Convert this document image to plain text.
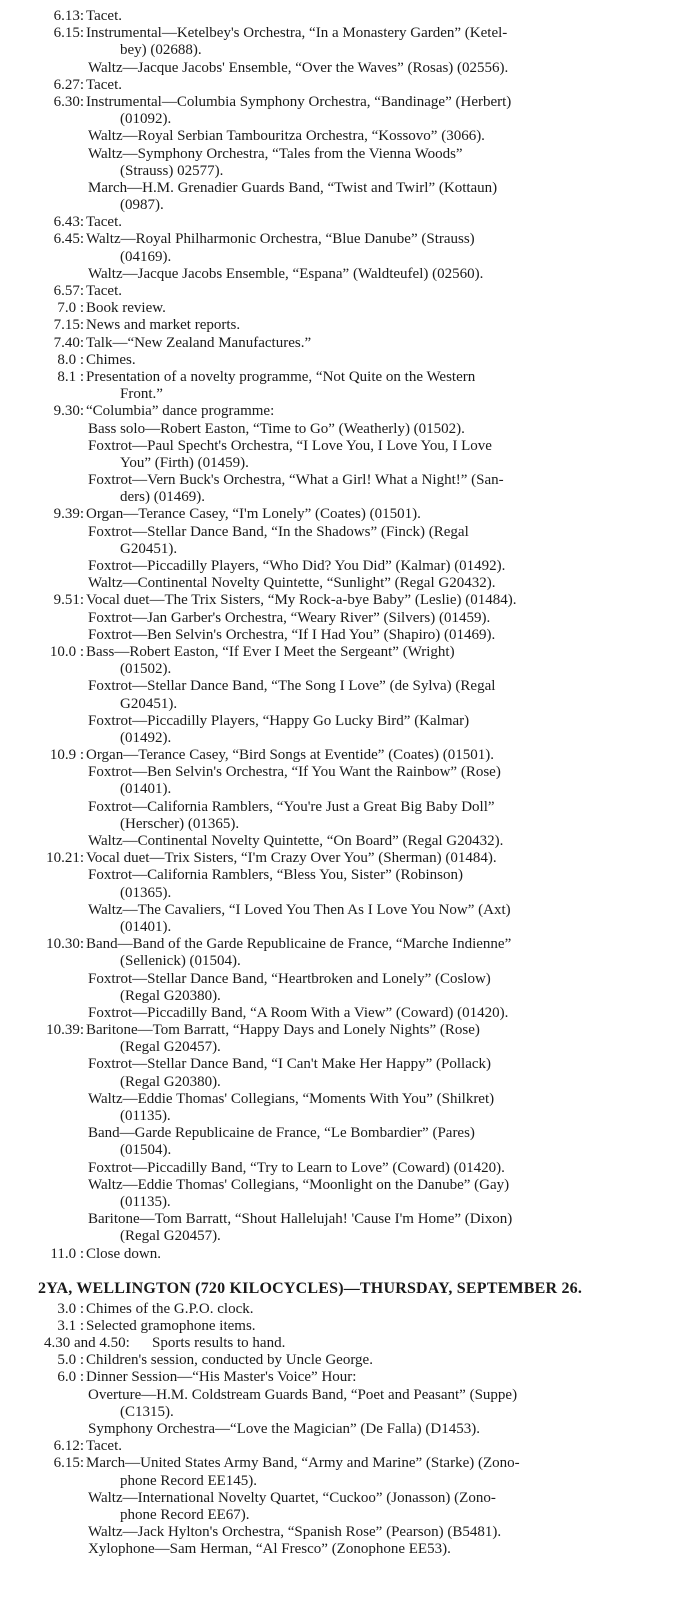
6.13: Tacet.
6.15: Instrumental—Ketelbey's Orchestra, “In a Monastery Garden” (Ketel-
bey) (02688).
Waltz—Jacque Jacobs' Ensemble, “Over the Waves” (Rosas) (02556).
6.27: Tacet.
6.30: Instrumental—Columbia Symphony Orchestra, “Bandinage” (Herbert)
(01092).
Waltz—Royal Serbian Tambouritza Orchestra, “Kossovo” (3066).
Waltz—Symphony Orchestra, “Tales from the Vienna Woods”
(Strauss) 02577).
March—H.M. Grenadier Guards Band, “Twist and Twirl” (Kottaun)
(0987).
6.43: Tacet.
6.45: Waltz—Royal Philharmonic Orchestra, “Blue Danube” (Strauss)
(04169).
Waltz—Jacque Jacobs Ensemble, “Espana” (Waldteufel) (02560).
6.57: Tacet.
7.0 : Book review.
7.15: News and market reports.
7.40: Talk—“New Zealand Manufactures.”
8.0 : Chimes.
8.1 : Presentation of a novelty programme, “Not Quite on the Western
Front.”
9.30: “Columbia” dance programme:
Bass solo—Robert Easton, “Time to Go” (Weatherly) (01502).
Foxtrot—Paul Specht's Orchestra, “I Love You, I Love You, I Love
You” (Firth) (01459).
Foxtrot—Vern Buck's Orchestra, “What a Girl! What a Night!” (San-
ders) (01469).
9.39: Organ—Terance Casey, “I'm Lonely” (Coates) (01501).
Foxtrot—Stellar Dance Band, “In the Shadows” (Finck) (Regal
G20451).
Foxtrot—Piccadilly Players, “Who Did? You Did” (Kalmar) (01492).
Waltz—Continental Novelty Quintette, “Sunlight” (Regal G20432).
9.51: Vocal duet—The Trix Sisters, “My Rock-a-bye Baby” (Leslie) (01484).
Foxtrot—Jan Garber's Orchestra, “Weary River” (Silvers) (01459).
Foxtrot—Ben Selvin's Orchestra, “If I Had You” (Shapiro) (01469).
10.0 : Bass—Robert Easton, “If Ever I Meet the Sergeant” (Wright)
(01502).
Foxtrot—Stellar Dance Band, “The Song I Love” (de Sylva) (Regal
G20451).
Foxtrot—Piccadilly Players, “Happy Go Lucky Bird” (Kalmar)
(01492).
10.9 : Organ—Terance Casey, “Bird Songs at Eventide” (Coates) (01501).
Foxtrot—Ben Selvin's Orchestra, “If You Want the Rainbow” (Rose)
(01401).
Foxtrot—California Ramblers, “You're Just a Great Big Baby Doll”
(Herscher) (01365).
Waltz—Continental Novelty Quintette, “On Board” (Regal G20432).
10.21: Vocal duet—Trix Sisters, “I'm Crazy Over You” (Sherman) (01484).
Foxtrot—California Ramblers, “Bless You, Sister” (Robinson)
(01365).
Waltz—The Cavaliers, “I Loved You Then As I Love You Now” (Axt)
(01401).
10.30: Band—Band of the Garde Republicaine de France, “Marche Indienne”
(Sellenick) (01504).
Foxtrot—Stellar Dance Band, “Heartbroken and Lonely” (Coslow)
(Regal G20380).
Foxtrot—Piccadilly Band, “A Room With a View” (Coward) (01420).
10.39: Baritone—Tom Barratt, “Happy Days and Lonely Nights” (Rose)
(Regal G20457).
Foxtrot—Stellar Dance Band, “I Can't Make Her Happy” (Pollack)
(Regal G20380).
Waltz—Eddie Thomas' Collegians, “Moments With You” (Shilkret)
(01135).
Band—Garde Republicaine de France, “Le Bombardier” (Pares)
(01504).
Foxtrot—Piccadilly Band, “Try to Learn to Love” (Coward) (01420).
Waltz—Eddie Thomas' Collegians, “Moonlight on the Danube” (Gay)
(01135).
Baritone—Tom Barratt, “Shout Hallelujah! 'Cause I'm Home” (Dixon)
(Regal G20457).
11.0 : Close down.
2YA, WELLINGTON (720 KILOCYCLES)—THURSDAY, SEPTEMBER 26.
3.0 : Chimes of the G.P.O. clock.
3.1 : Selected gramophone items.
4.30 and 4.50: Sports results to hand.
5.0 : Children's session, conducted by Uncle George.
6.0 : Dinner Session—“His Master's Voice” Hour:
Overture—H.M. Coldstream Guards Band, “Poet and Peasant” (Suppe)
(C1315).
Symphony Orchestra—“Love the Magician” (De Falla) (D1453).
6.12: Tacet.
6.15: March—United States Army Band, “Army and Marine” (Starke) (Zono-
phone Record EE145).
Waltz—International Novelty Quartet, “Cuckoo” (Jonasson) (Zono-
phone Record EE67).
Waltz—Jack Hylton's Orchestra, “Spanish Rose” (Pearson) (B5481).
Xylophone—Sam Herman, “Al Fresco” (Zonophone EE53).
